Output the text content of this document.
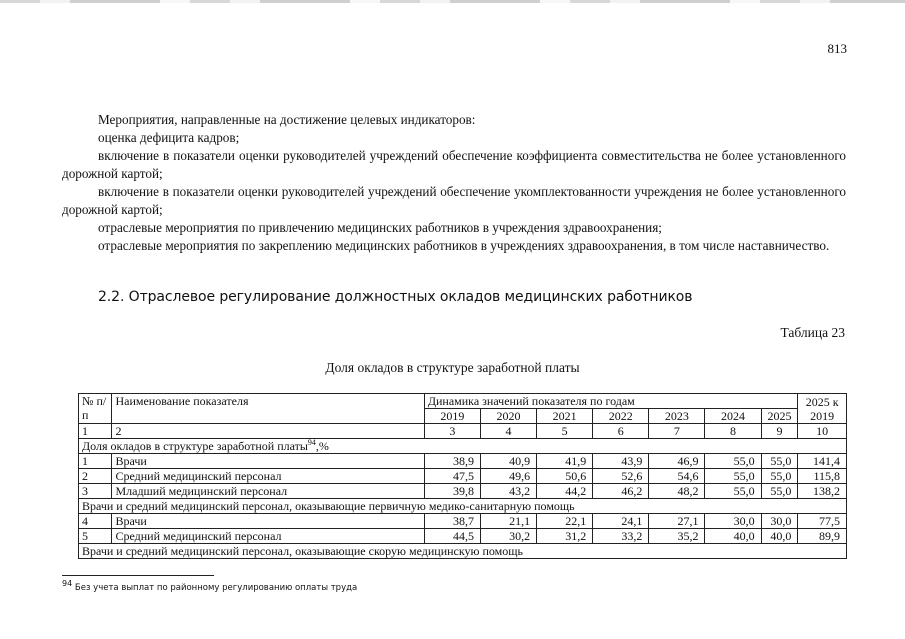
813

Мероприятия, направленные на достижение целевых индикаторов:

оценка дефицита кадров;

включение в показатели оценки руководителей учреждений обеспечение коэффициента совместительства не более установленного дорожной картой;

включение в показатели оценки руководителей учреждений обеспечение укомплектованности учреждения не более установленного дорожной картой;

отраслевые мероприятия по привлечению медицинских работников в учреждения здравоохранения;

отраслевые мероприятия по закреплению медицинских работников в учреждениях здравоохранения, в том числе наставничество.

2.2. Отраслевое регулирование должностных окладов медицинских работников
Таблица 23
Доля окладов в структуре заработной платы
№ п/п	Наименование показателя	Динамика значений показателя по годам							2025 к 2019
		2019	2020	2021	2022	2023	2024	2025	
1	2	3	4	5	6	7	8	9	10
Доля окладов в структуре заработной платы$^{94}$,%									
1	Врачи	38,9	40,9	41,9	43,9	46,9	55,0	55,0	141,4
2	Средний медицинский персонал	47,5	49,6	50,6	52,6	54,6	55,0	55,0	115,8
3	Младший медицинский персонал	39,8	43,2	44,2	46,2	48,2	55,0	55,0	138,2
Врачи и средний медицинский персонал, оказывающие первичную медико-санитарную помощь									
4	Врачи	38,7	21,1	22,1	24,1	27,1	30,0	30,0	77,5
5	Средний медицинский персонал	44,5	30,2	31,2	33,2	35,2	40,0	40,0	89,9
Врачи и средний медицинский персонал, оказывающие скорую медицинскую помощь									
$^{94}$ Без учета выплат по районному регулированию оплаты труда
